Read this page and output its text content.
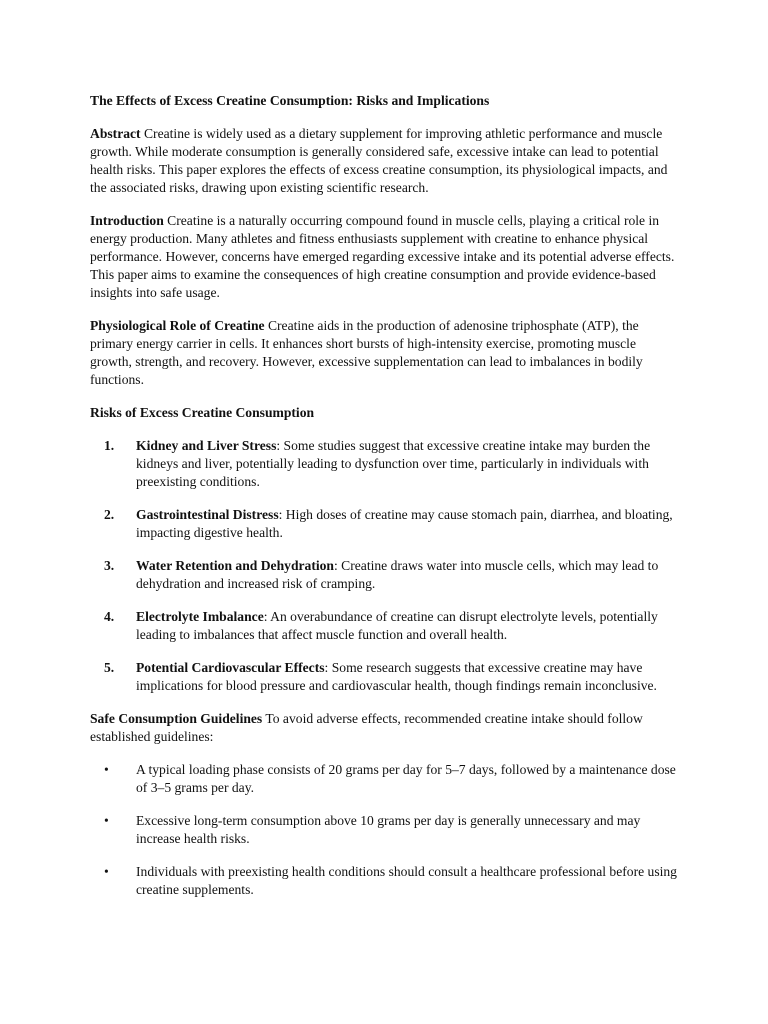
The Effects of Excess Creatine Consumption: Risks and Implications

Abstract Creatine is widely used as a dietary supplement for improving athletic performance and muscle growth. While moderate consumption is generally considered safe, excessive intake can lead to potential health risks. This paper explores the effects of excess creatine consumption, its physiological impacts, and the associated risks, drawing upon existing scientific research.

Introduction Creatine is a naturally occurring compound found in muscle cells, playing a critical role in energy production. Many athletes and fitness enthusiasts supplement with creatine to enhance physical performance. However, concerns have emerged regarding excessive intake and its potential adverse effects. This paper aims to examine the consequences of high creatine consumption and provide evidence-based insights into safe usage.

Physiological Role of Creatine Creatine aids in the production of adenosine triphosphate (ATP), the primary energy carrier in cells. It enhances short bursts of high-intensity exercise, promoting muscle growth, strength, and recovery. However, excessive supplementation can lead to imbalances in bodily functions.

Risks of Excess Creatine Consumption
1. Kidney and Liver Stress: Some studies suggest that excessive creatine intake may burden the kidneys and liver, potentially leading to dysfunction over time, particularly in individuals with preexisting conditions.
2. Gastrointestinal Distress: High doses of creatine may cause stomach pain, diarrhea, and bloating, impacting digestive health.
3. Water Retention and Dehydration: Creatine draws water into muscle cells, which may lead to dehydration and increased risk of cramping.
4. Electrolyte Imbalance: An overabundance of creatine can disrupt electrolyte levels, potentially leading to imbalances that affect muscle function and overall health.
5. Potential Cardiovascular Effects: Some research suggests that excessive creatine may have implications for blood pressure and cardiovascular health, though findings remain inconclusive.

Safe Consumption Guidelines To avoid adverse effects, recommended creatine intake should follow established guidelines:

• A typical loading phase consists of 20 grams per day for 5–7 days, followed by a maintenance dose of 3–5 grams per day.
• Excessive long-term consumption above 10 grams per day is generally unnecessary and may increase health risks.
• Individuals with preexisting health conditions should consult a healthcare professional before using creatine supplements.
